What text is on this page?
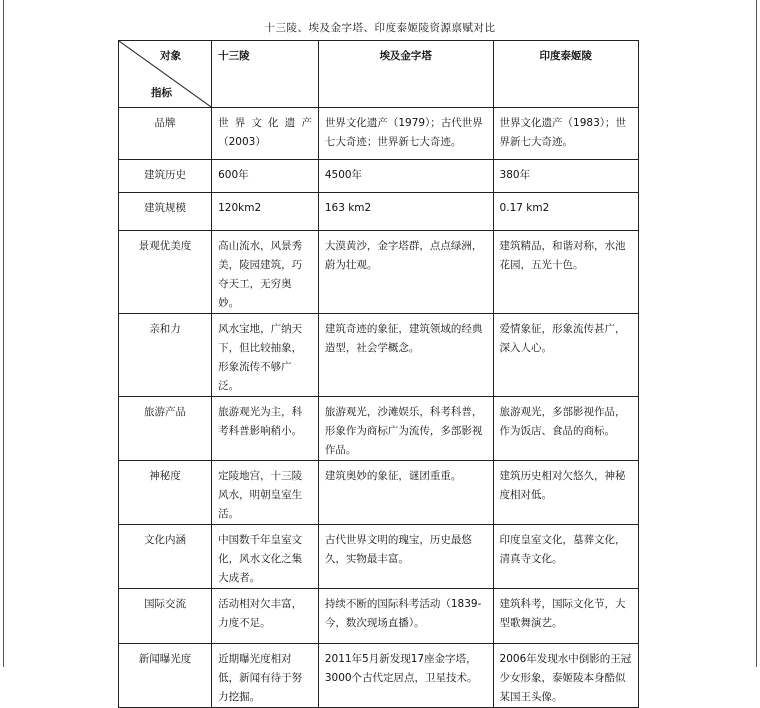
十三陵、埃及金字塔、印度泰姬陵资源禀赋对比
对象
指标	十三陵	埃及金字塔	印度泰姬陵
品牌	世界文化遗产（2003）	世界文化遗产（1979）；古代世界七大奇迹；世界新七大奇迹。	世界文化遗产（1983）；世界新七大奇迹。
建筑历史	600年	4500年	380年
建筑规模	120km2	163 km2	0.17 km2
景观优美度	高山流水，风景秀美，陵园建筑，巧夺天工，无穷奥妙。	大漠黄沙，金字塔群，点点绿洲，蔚为壮观。	建筑精品，和谐对称，水池花园，五光十色。
亲和力	风水宝地，广纳天下，但比较抽象，形象流传不够广泛。	建筑奇迹的象征，建筑领域的经典造型，社会学概念。	爱情象征，形象流传甚广，深入人心。
旅游产品	旅游观光为主，科考科普影响稍小。	旅游观光，沙滩娱乐，科考科普，形象作为商标广为流传，多部影视作品。	旅游观光，多部影视作品，作为饭店、食品的商标。
神秘度	定陵地宫，十三陵风水，明朝皇室生活。	建筑奥妙的象征，谜团重重。	建筑历史相对欠悠久，神秘度相对低。
文化内涵	中国数千年皇室文化，风水文化之集大成者。	古代世界文明的瑰宝，历史最悠久，实物最丰富。	印度皇室文化，墓葬文化，清真寺文化。
国际交流	活动相对欠丰富，力度不足。	持续不断的国际科考活动（1839-今，数次现场直播）。	建筑科考，国际文化节，大型歌舞演艺。
新闻曝光度	近期曝光度相对低，新闻有待于努力挖掘。	2011年5月新发现17座金字塔，3000个古代定居点，卫星技术。	2006年发现水中倒影的王冠少女形象，泰姬陵本身酷似某国王头像。
